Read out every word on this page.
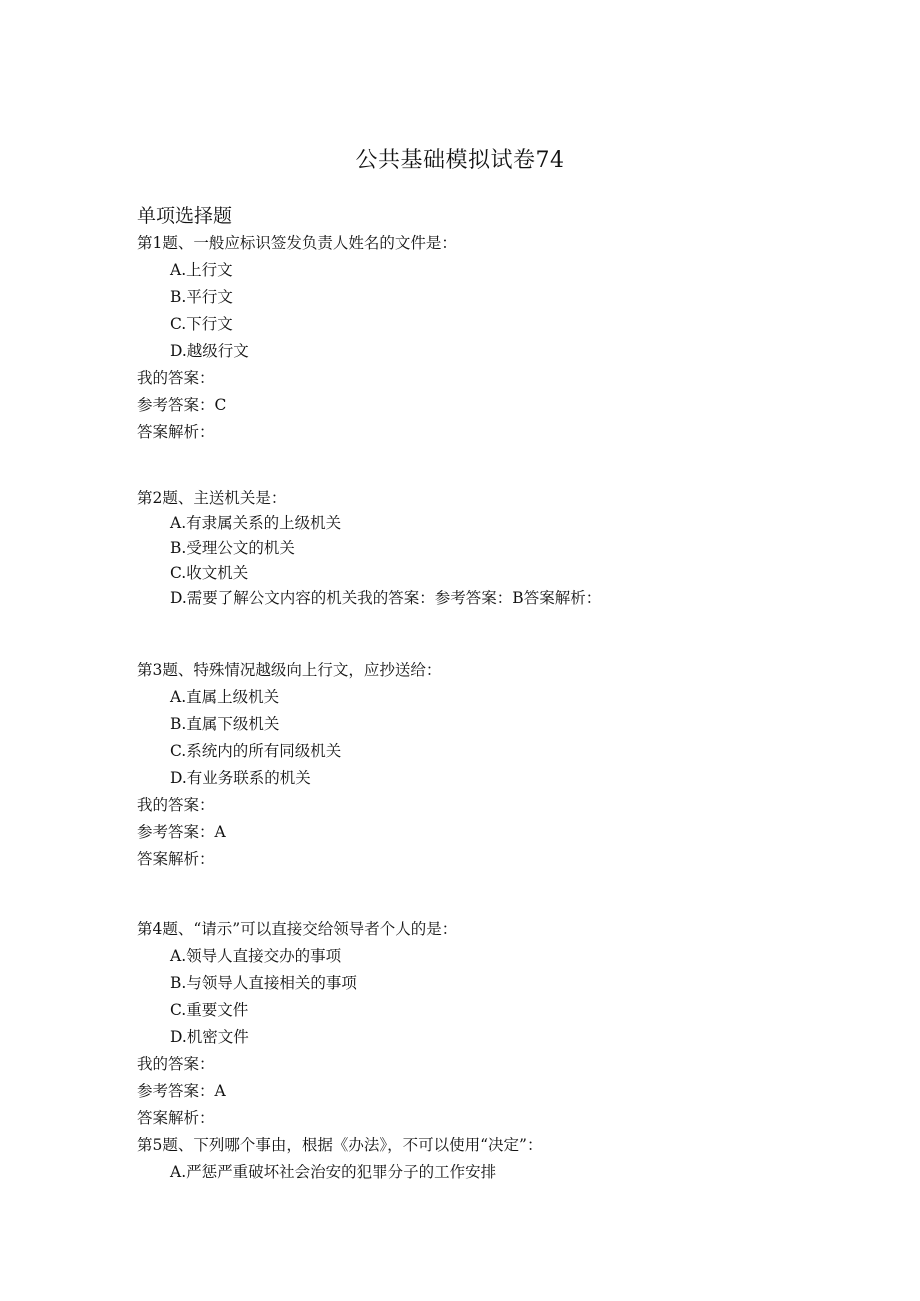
公共基础模拟试卷74
单项选择题
第1题、一般应标识签发负责人姓名的文件是：
A.上行文
B.平行文
C.下行文
D.越级行文
我的答案：
参考答案：C
答案解析：
第2题、主送机关是：
A.有隶属关系的上级机关
B.受理公文的机关
C.收文机关
D.需要了解公文内容的机关我的答案：参考答案：B答案解析：
第3题、特殊情况越级向上行文，应抄送给：
A.直属上级机关
B.直属下级机关
C.系统内的所有同级机关
D.有业务联系的机关
我的答案：
参考答案：A
答案解析：
第4题、“请示”可以直接交给领导者个人的是：
A.领导人直接交办的事项
B.与领导人直接相关的事项
C.重要文件
D.机密文件
我的答案：
参考答案：A
答案解析：
第5题、下列哪个事由，根据《办法》，不可以使用“决定”：
A.严惩严重破坏社会治安的犯罪分子的工作安排
